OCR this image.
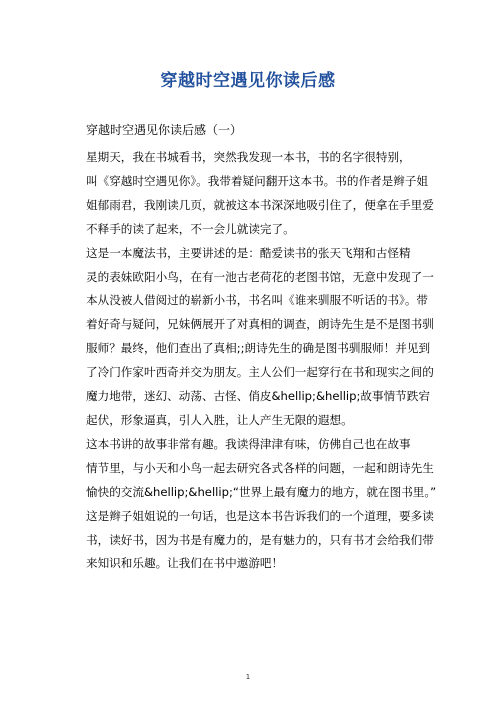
穿越时空遇见你读后感
穿越时空遇见你读后感（一）
星期天，我在书城看书，突然我发现一本书，书的名字很特别，
叫《穿越时空遇见你》。我带着疑问翻开这本书。书的作者是辫子姐
姐郁雨君，我刚读几页，就被这本书深深地吸引住了，便拿在手里爱
不释手的读了起来，不一会儿就读完了。
这是一本魔法书，主要讲述的是：酷爱读书的张天飞翔和古怪精
灵的表妹欧阳小鸟，在有一池古老荷花的老图书馆，无意中发现了一
本从没被人借阅过的崭新小书，书名叫《谁来驯服不听话的书》。带
着好奇与疑问，兄妹俩展开了对真相的调查，朗诗先生是不是图书驯
服师？最终，他们查出了真相;;朗诗先生的确是图书驯服师！并见到
了冷门作家叶西奇并交为朋友。主人公们一起穿行在书和现实之间的
魔力地带，迷幻、动荡、古怪、俏皮&hellip;&hellip;故事情节跌宕
起伏，形象逼真，引人入胜，让人产生无限的遐想。
这本书讲的故事非常有趣。我读得津津有味，仿佛自己也在故事
情节里，与小天和小鸟一起去研究各式各样的问题，一起和朗诗先生
愉快的交流&hellip;&hellip;“世界上最有魔力的地方，就在图书里。”
这是辫子姐姐说的一句话，也是这本书告诉我们的一个道理，要多读
书，读好书，因为书是有魔力的，是有魅力的，只有书才会给我们带
来知识和乐趣。让我们在书中遨游吧！
1
